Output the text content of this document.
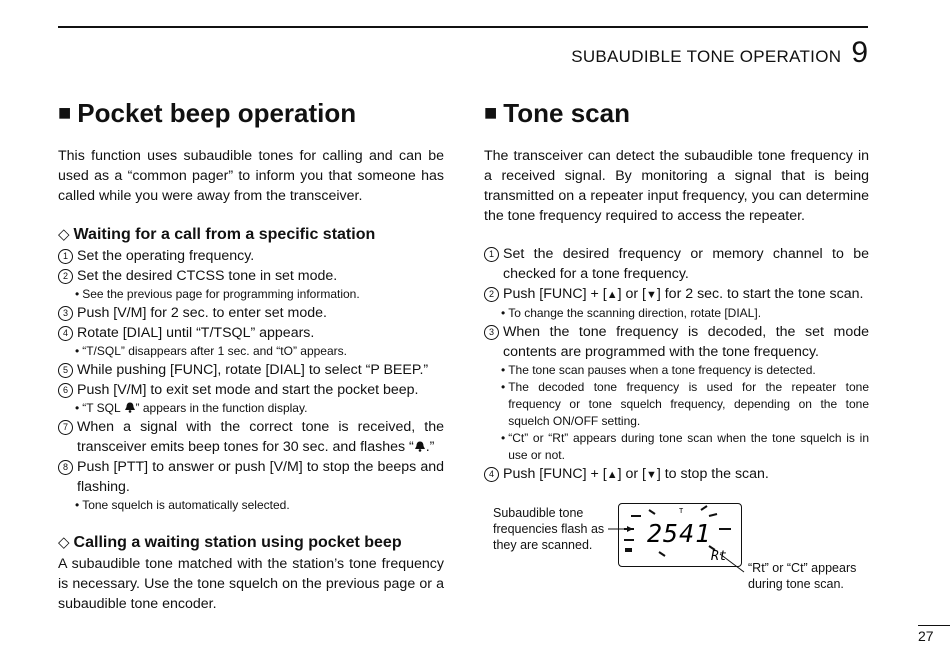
SUBAUDIBLE TONE OPERATION 9
■ Pocket beep operation

This function uses subaudible tones for calling and can be used as a “common pager” to inform you that someone has called while you were away from the transceiver.

◇ Waiting for a call from a specific station
1 Set the operating frequency.
2 Set the desired CTCSS tone in set mode.
• See the previous page for programming information.
3 Push [V/M] for 2 sec. to enter set mode.
4 Rotate [DIAL] until “T/TSQL” appears.
• “T/SQL” disappears after 1 sec. and “tO” appears.
5 While pushing [FUNC], rotate [DIAL] to select “P BEEP.”
6 Push [V/M] to exit set mode and start the pocket beep.
• “T SQL ” appears in the function display.
7 When a signal with the correct tone is received, the transceiver emits beep tones for 30 sec. and flashes “ .”
8 Push [PTT] to answer or push [V/M] to stop the beeps and flashing.
• Tone squelch is automatically selected.
◇ Calling a waiting station using pocket beep

A subaudible tone matched with the station’s tone frequency is necessary. Use the tone squelch on the previous page or a subaudible tone encoder.

■ Tone scan

The transceiver can detect the subaudible tone frequency in a received signal. By monitoring a signal that is being transmitted on a repeater input frequency, you can determine the tone frequency required to access the repeater.

1 Set the desired frequency or memory channel to be checked for a tone frequency.
2 Push [FUNC] + [▲] or [▼] for 2 sec. to start the tone scan.
• To change the scanning direction, rotate [DIAL].
3 When the tone frequency is decoded, the set mode contents are programmed with the tone frequency.
• The tone scan pauses when a tone frequency is detected.
• The decoded tone frequency is used for the repeater tone frequency or tone squelch frequency, depending on the tone squelch ON/OFF setting.
• “Ct” or “Rt” appears during tone scan when the tone squelch is in use or not.
4 Push [FUNC] + [▲] or [▼] to stop the scan.
Subaudible tone frequencies flash as they are scanned.
T
2541
Rt
“Rt” or “Ct” appears during tone scan.
27
